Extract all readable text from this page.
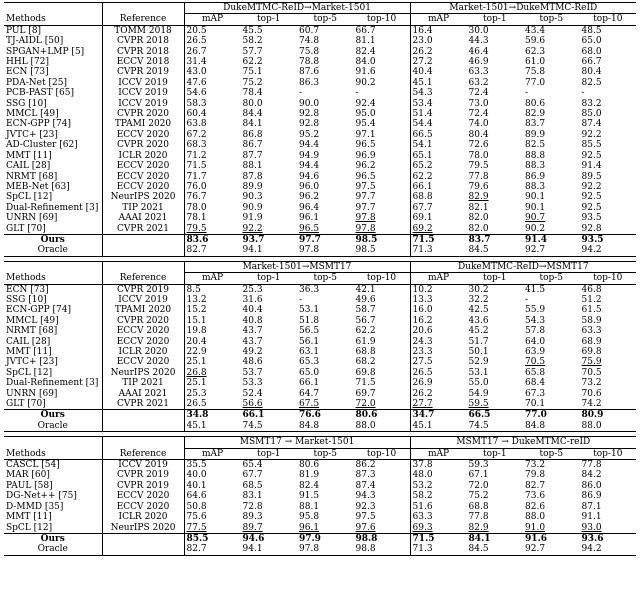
Methods	Reference	DukeMTMC-ReID→Market-1501				Market-1501→DukeMTMC-ReID			
		mAP	top-1	top-5	top-10	mAP	top-1	top-5	top-10
PUL [8]	TOMM 2018	20.5	45.5	60.7	66.7	16.4	30.0	43.4	48.5
TJ-AIDL [50]	CVPR 2018	26.5	58.2	74.8	81.1	23.0	44.3	59.6	65.0
SPGAN+LMP [5]	CVPR 2018	26.7	57.7	75.8	82.4	26.2	46.4	62.3	68.0
HHL [72]	ECCV 2018	31.4	62.2	78.8	84.0	27.2	46.9	61.0	66.7
ECN [73]	CVPR 2019	43.0	75.1	87.6	91.6	40.4	63.3	75.8	80.4
PDA-Net [25]	ICCV 2019	47.6	75.2	86.3	90.2	45.1	63.2	77.0	82.5
PCB-PAST [65]	ICCV 2019	54.6	78.4	-	-	54.3	72.4	-	-
SSG [10]	ICCV 2019	58.3	80.0	90.0	92.4	53.4	73.0	80.6	83.2
MMCL [49]	CVPR 2020	60.4	84.4	92.8	95.0	51.4	72.4	82.9	85.0
ECN-GPP [74]	TPAMI 2020	63.8	84.1	92.8	95.4	54.4	74.0	83.7	87.4
JVTC+ [23]	ECCV 2020	67.2	86.8	95.2	97.1	66.5	80.4	89.9	92.2
AD-Cluster [62]	CVPR 2020	68.3	86.7	94.4	96.5	54.1	72.6	82.5	85.5
MMT [11]	ICLR 2020	71.2	87.7	94.9	96.9	65.1	78.0	88.8	92.5
CAIL [28]	ECCV 2020	71.5	88.1	94.4	96.2	65.2	79.5	88.3	91.4
NRMT [68]	ECCV 2020	71.7	87.8	94.6	96.5	62.2	77.8	86.9	89.5
MEB-Net [63]	ECCV 2020	76.0	89.9	96.0	97.5	66.1	79.6	88.3	92.2
SpCL [12]	NeurIPS 2020	76.7	90.3	96.2	97.7	68.8	82.9	90.1	92.5
Dual-Refinement [3]	TIP 2021	78.0	90.9	96.4	97.7	67.7	82.1	90.1	92.5
UNRN [69]	AAAI 2021	78.1	91.9	96.1	97.8	69.1	82.0	90.7	93.5
GLT [70]	CVPR 2021	79.5	92.2	96.5	97.8	69.2	82.0	90.2	92.8
Ours		83.6	93.7	97.7	98.5	71.5	83.7	91.4	93.5
Oracle		82.7	94.1	97.8	98.5	71.3	84.5	92.7	94.2
Methods	Reference	Market-1501→MSMT17				DukeMTMC-ReID→MSMT17			
		mAP	top-1	top-5	top-10	mAP	top-1	top-5	top-10
ECN [73]	CVPR 2019	8.5	25.3	36.3	42.1	10.2	30.2	41.5	46.8
SSG [10]	ICCV 2019	13.2	31.6	-	49.6	13.3	32.2	-	51.2
ECN-GPP [74]	TPAMI 2020	15.2	40.4	53.1	58.7	16.0	42.5	55.9	61.5
MMCL [49]	CVPR 2020	15.1	40.8	51.8	56.7	16.2	43.6	54.3	58.9
NRMT [68]	ECCV 2020	19.8	43.7	56.5	62.2	20.6	45.2	57.8	63.3
CAIL [28]	ECCV 2020	20.4	43.7	56.1	61.9	24.3	51.7	64.0	68.9
MMT [11]	ICLR 2020	22.9	49.2	63.1	68.8	23.3	50.1	63.9	69.8
JVTC+ [23]	ECCV 2020	25.1	48.6	65.3	68.2	27.5	52.9	70.5	75.9
SpCL [12]	NeurIPS 2020	26.8	53.7	65.0	69.8	26.5	53.1	65.8	70.5
Dual-Refinement [3]	TIP 2021	25.1	53.3	66.1	71.5	26.9	55.0	68.4	73.2
UNRN [69]	AAAI 2021	25.3	52.4	64.7	69.7	26.2	54.9	67.3	70.6
GLT [70]	CVPR 2021	26.5	56.6	67.5	72.0	27.7	59.5	70.1	74.2
Ours		34.8	66.1	76.6	80.6	34.7	66.5	77.0	80.9
Oracle		45.1	74.5	84.8	88.0	45.1	74.5	84.8	88.0
Methods	Reference	MSMT17 → Market-1501				MSMT17 → DukeMTMC-reID			
		mAP	top-1	top-5	top-10	mAP	top-1	top-5	top-10
CASCL [54]	ICCV 2019	35.5	65.4	80.6	86.2	37.8	59.3	73.2	77.8
MAR [60]	CVPR 2019	40.0	67.7	81.9	87.3	48.0	67.1	79.8	84.2
PAUL [58]	CVPR 2019	40.1	68.5	82.4	87.4	53.2	72.0	82.7	86.0
DG-Net++ [75]	ECCV 2020	64.6	83.1	91.5	94.3	58.2	75.2	73.6	86.9
D-MMD [35]	ECCV 2020	50.8	72.8	88.1	92.3	51.6	68.8	82.6	87.1
MMT [11]	ICLR 2020	75.6	89.3	95.8	97.5	63.3	77.8	88.0	91.1
SpCL [12]	NeurIPS 2020	77.5	89.7	96.1	97.6	69.3	82.9	91.0	93.0
Ours		85.5	94.6	97.9	98.8	71.5	84.1	91.6	93.6
Oracle		82.7	94.1	97.8	98.8	71.3	84.5	92.7	94.2
